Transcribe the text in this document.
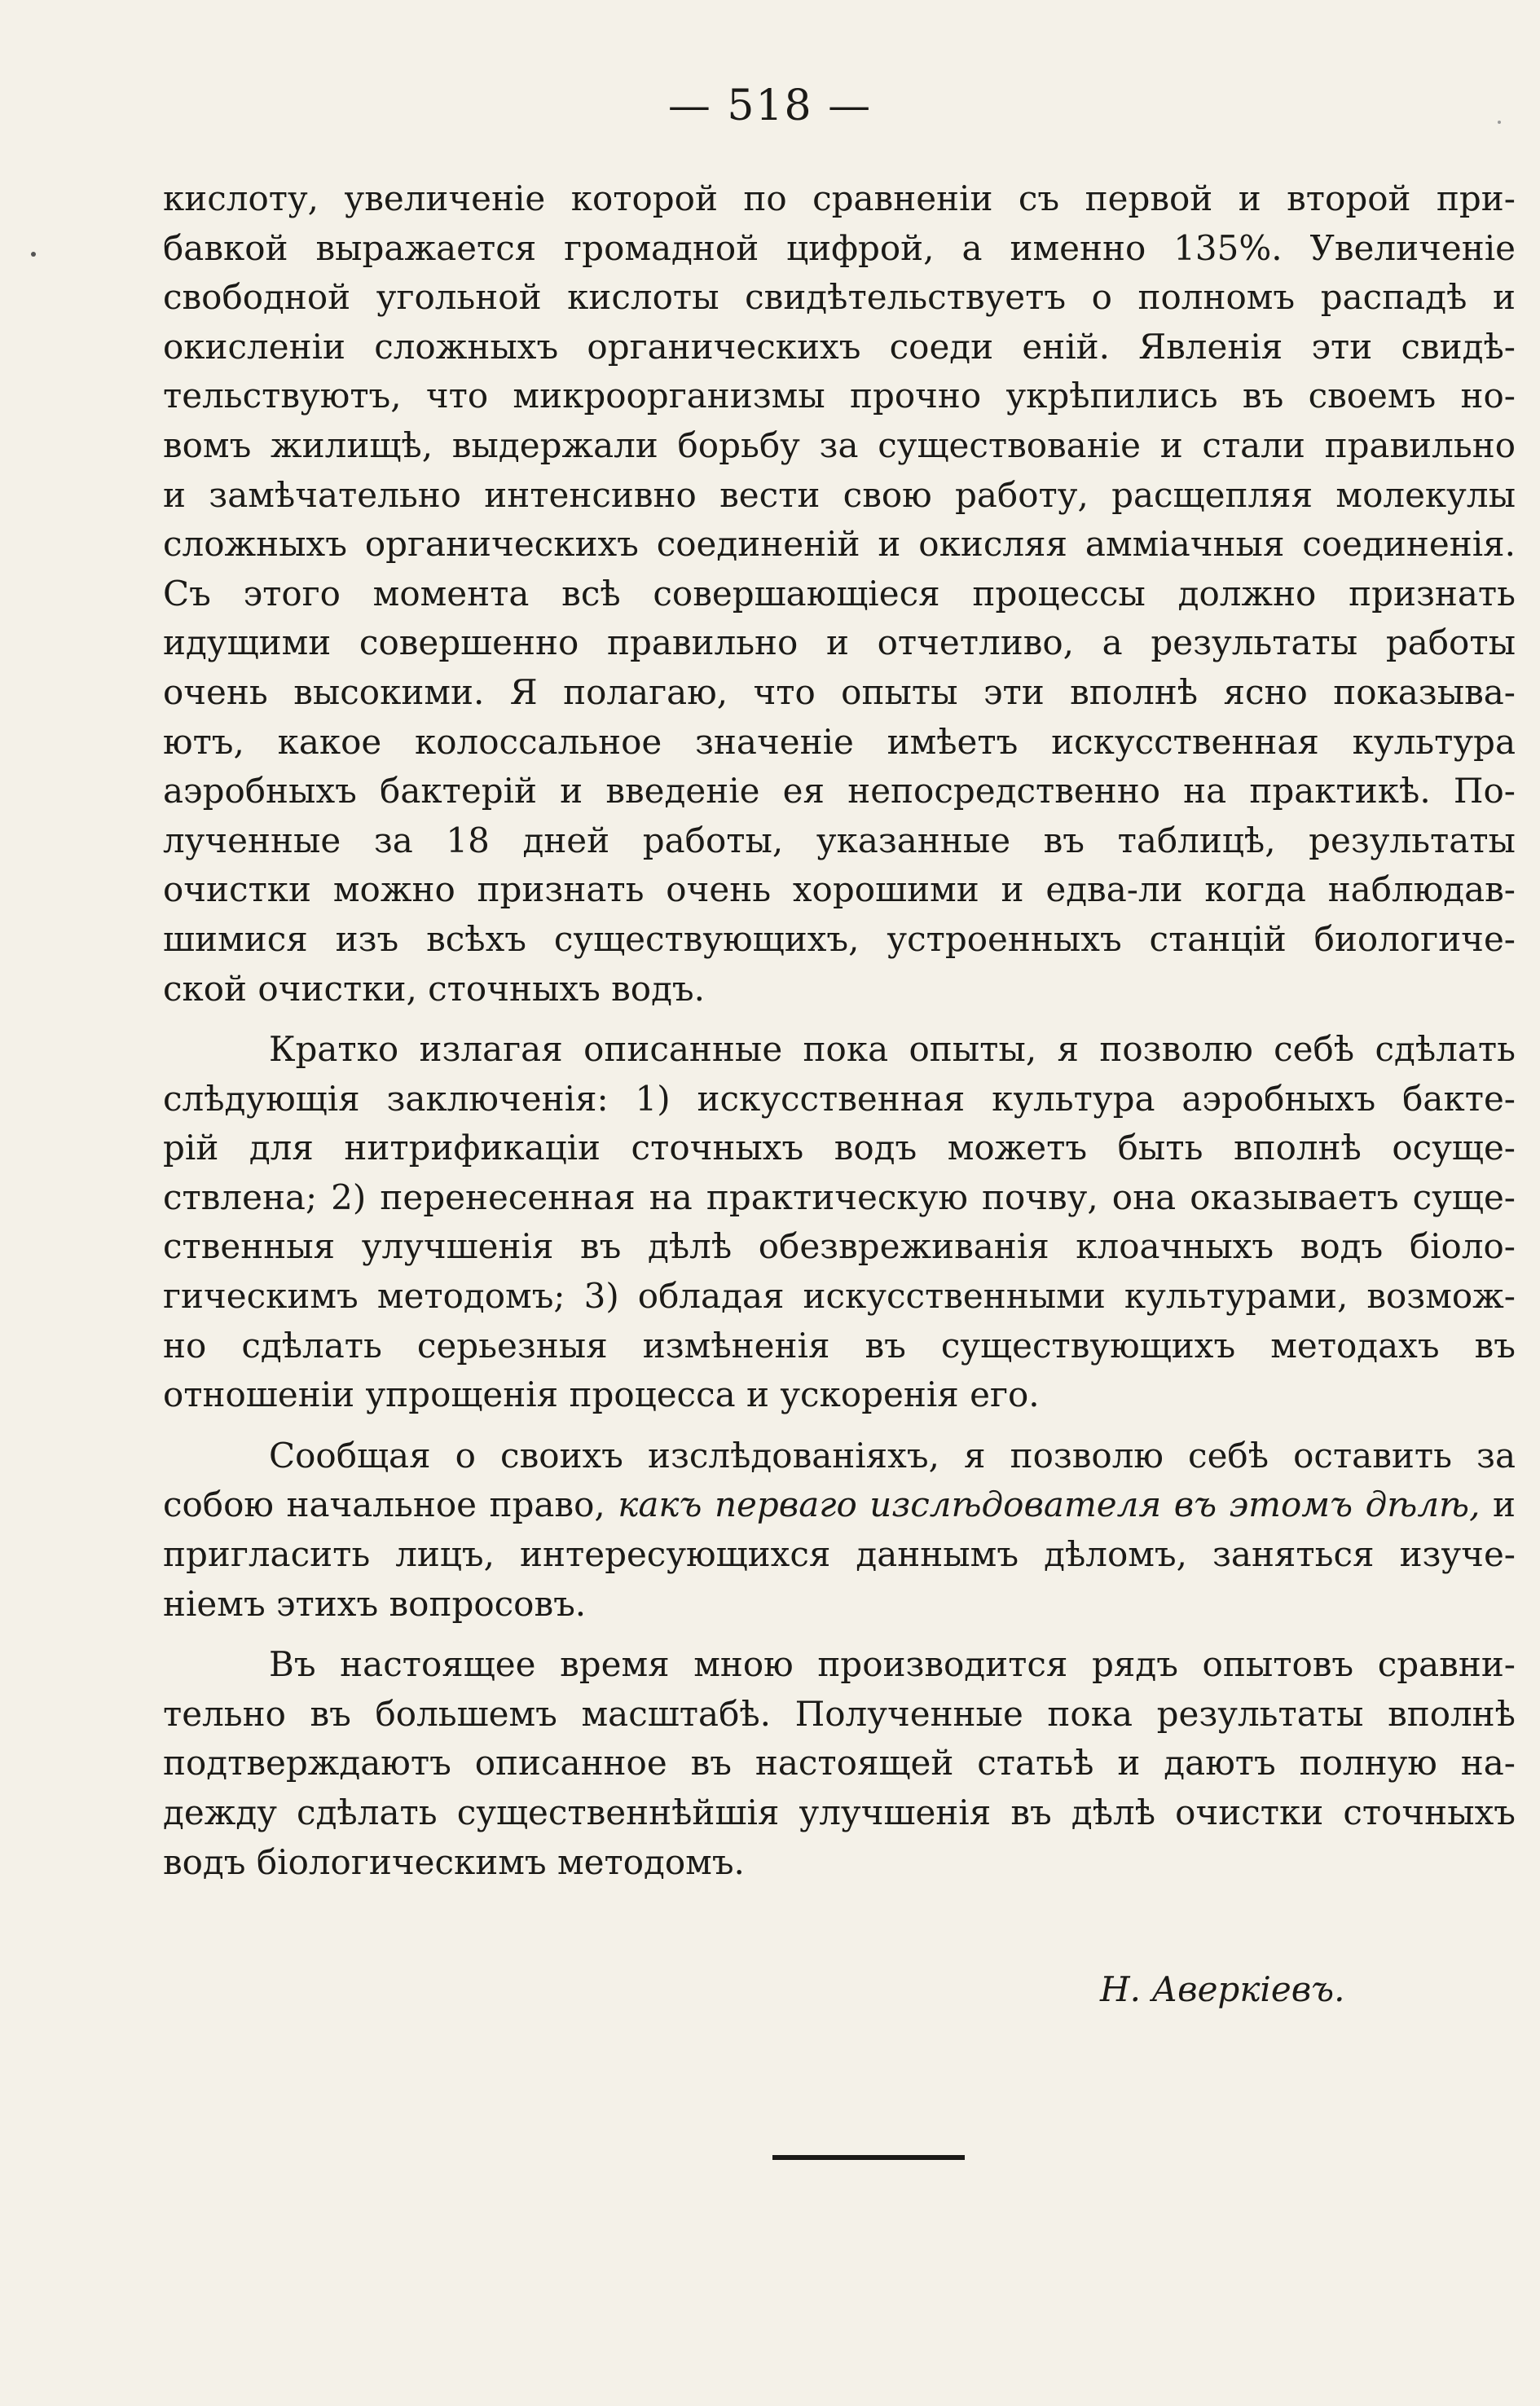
— 518 —
кислоту, увеличенiе которой по сравненiи съ первой и второй при-
бавкой выражается громадной цифрой, а именно 135%. Увеличенiе
свободной угольной кислоты свидѣтельствуетъ о полномъ распадѣ и
окисленiи сложныхъ органическихъ соеди енiй. Явленiя эти свидѣ-
тельствуютъ, что микроорганизмы прочно укрѣпились въ своемъ но-
вомъ жилищѣ, выдержали борьбу за существованiе и стали правильно
и замѣчательно интенсивно вести свою работу, расщепляя молекулы
сложныхъ органическихъ соединенiй и окисляя амміачныя соединенія.
Съ этого момента всѣ совершающіеся процессы должно признать
идущими совершенно правильно и отчетливо, а результаты работы
очень высокими. Я полагаю, что опыты эти вполнѣ ясно показыва-
ютъ, какое колоссальное значенiе имѣетъ искусственная культура
аэробныхъ бактерій и введенiе ея непосредственно на практикѣ. По-
лученные за 18 дней работы, указанные въ таблицѣ, результаты
очистки можно признать очень хорошими и едва-ли когда наблюдав-
шимися изъ всѣхъ существующихъ, устроенныхъ станцій биологиче-
ской очистки, сточныхъ водъ.
Кратко излагая описанные пока опыты, я позволю себѣ сдѣлать
слѣдующія заключенія: 1) искусственная культура аэробныхъ бакте-
рій для нитрификацiи сточныхъ водъ можетъ быть вполнѣ осуще-
ствлена; 2) перенесенная на практическую почву, она оказываетъ суще-
ственныя улучшенія въ дѣлѣ обезвреживанія клоачныхъ водъ біоло-
гическимъ методомъ; 3) обладая искусственными культурами, возмож-
но сдѣлать серьезныя измѣненія въ существующихъ методахъ въ
отношенiи упрощенія процесса и ускоренія его.
Сообщая о своихъ изслѣдованіяхъ, я позволю себѣ оставить за
собою начальное право, какъ перваго изслѣдователя въ этомъ дѣлѣ, и
пригласить лицъ, интересующихся даннымъ дѣломъ, заняться изуче-
ніемъ этихъ вопросовъ.
Въ настоящее время мною производится рядъ опытовъ сравни-
тельно въ большемъ масштабѣ. Полученные пока результаты вполнѣ
подтверждаютъ описанное въ настоящей статьѣ и даютъ полную на-
дежду сдѣлать существеннѣйшія улучшенія въ дѣлѣ очистки сточныхъ
водъ біологическимъ методомъ.
Н. Аверкіевъ.
